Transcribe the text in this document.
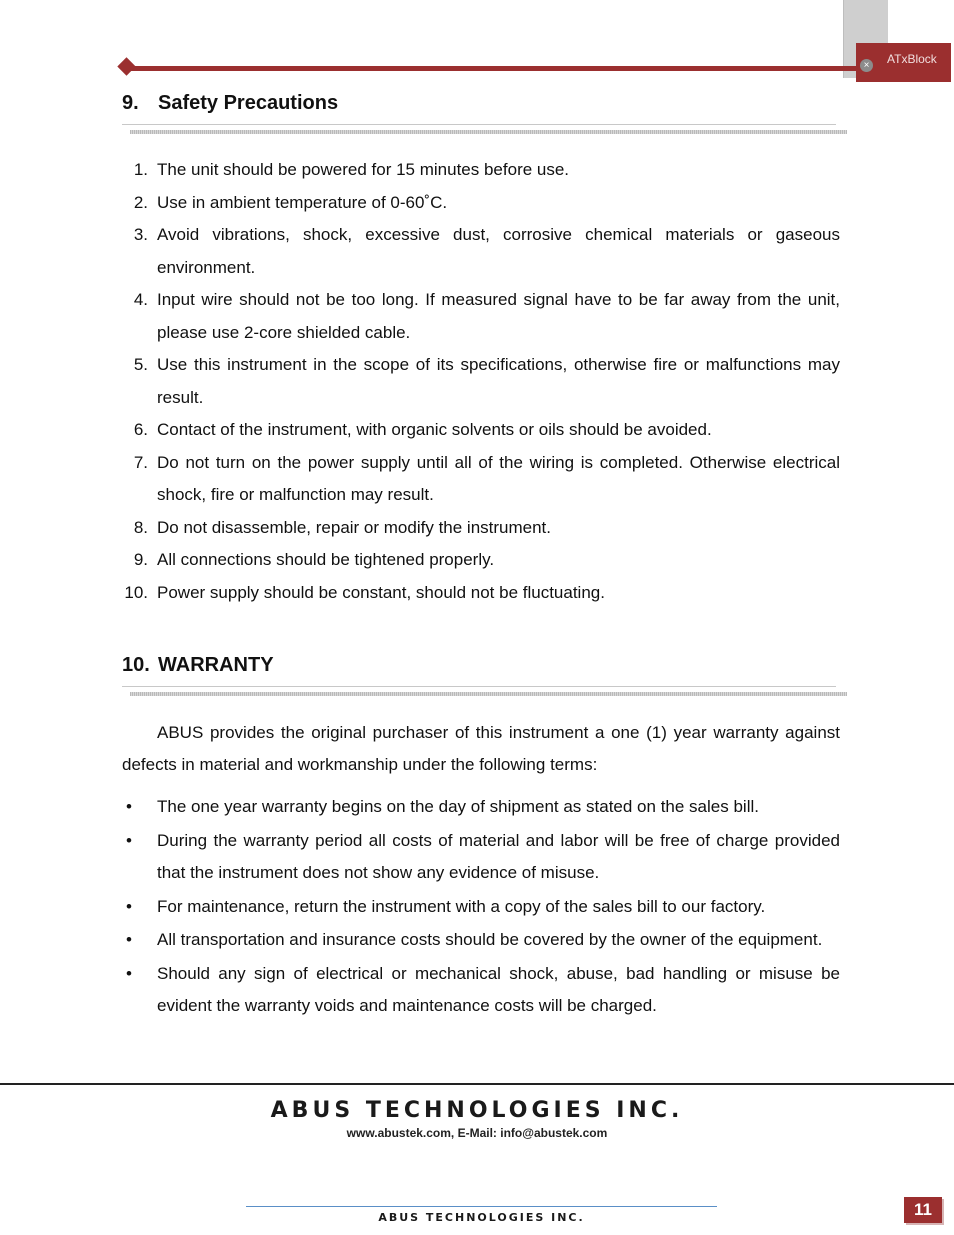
ATxBlock
×
9. Safety Precautions
1. The unit should be powered for 15 minutes before use.
2. Use in ambient temperature of 0-60˚C.
3. Avoid vibrations, shock, excessive dust, corrosive chemical materials or gaseous environment.
4. Input wire should not be too long. If measured signal have to be far away from the unit, please use 2-core shielded cable.
5. Use this instrument in the scope of its specifications, otherwise fire or malfunctions may result.
6. Contact of the instrument, with organic solvents or oils should be avoided.
7. Do not turn on the power supply until all of the wiring is completed. Otherwise electrical shock, fire or malfunction may result.
8. Do not disassemble, repair or modify the instrument.
9. All connections should be tightened properly.
10. Power supply should be constant, should not be fluctuating.
10. WARRANTY
ABUS provides the original purchaser of this instrument a one (1) year warranty against defects in material and workmanship under the following terms:
• The one year warranty begins on the day of shipment as stated on the sales bill.
• During the warranty period all costs of material and labor will be free of charge provided that the instrument does not show any evidence of misuse.
• For maintenance, return the instrument with a copy of the sales bill to our factory.
• All transportation and insurance costs should be covered by the owner of the equipment.
• Should any sign of electrical or mechanical shock, abuse, bad handling or misuse be evident the warranty voids and maintenance costs will be charged.
ABUS TECHNOLOGIES INC.
www.abustek.com, E-Mail: info@abustek.com
ABUS TECHNOLOGIES INC.	11
